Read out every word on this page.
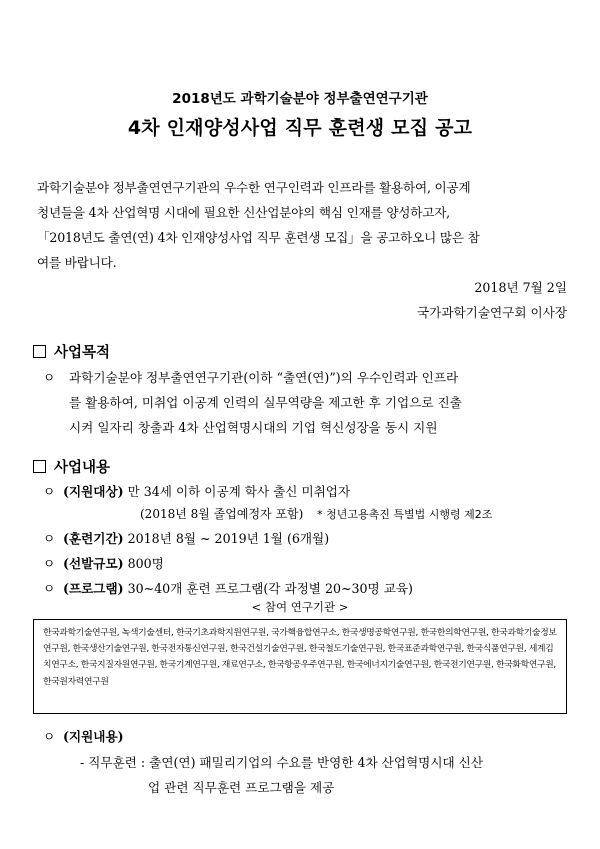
2018년도 과학기술분야 정부출연연구기관
4차 인재양성사업 직무 훈련생 모집 공고
과학기술분야 정부출연연구기관의 우수한 연구인력과 인프라를 활용하여, 이공계
청년들을 4차 산업혁명 시대에 필요한 신산업분야의 핵심 인재를 양성하고자,
「2018년도 출연(연) 4차 인재양성사업 직무 훈련생 모집」을 공고하오니 많은 참
여를 바랍니다.
2018년 7월 2일
국가과학기술연구회 이사장
사업목적
ㅇ 과학기술분야 정부출연연구기관(이하 “출연(연)”)의 우수인력과 인프라
를 활용하여, 미취업 이공계 인력의 실무역량을 제고한 후 기업으로 진출
시켜 일자리 창출과 4차 산업혁명시대의 기업 혁신성장을 동시 지원
사업내용
ㅇ (지원대상) 만 34세 이하 이공계 학사 출신 미취업자
(2018년 8월 졸업예정자 포함) * 청년고용촉진 특별법 시행령 제2조
ㅇ (훈련기간) 2018년 8월 ~ 2019년 1월 (6개월)
ㅇ (선발규모) 800명
ㅇ (프로그램) 30~40개 훈련 프로그램(각 과정별 20~30명 교육)
< 참여 연구기관 >
한국과학기술연구원, 녹색기술센터, 한국기초과학지원연구원, 국가핵융합연구소, 한국생명공학연구원, 한국한의학연구원, 한국과학기술정보연구원, 한국생산기술연구원, 한국전자통신연구원, 한국건설기술연구원, 한국철도기술연구원, 한국표준과학연구원, 한국식품연구원, 세계김치연구소, 한국지질자원연구원, 한국기계연구원, 재료연구소, 한국항공우주연구원, 한국에너지기술연구원, 한국전기연구원, 한국화학연구원, 한국원자력연구원
ㅇ (지원내용)
- 직무훈련 : 출연(연) 패밀리기업의 수요를 반영한 4차 산업혁명시대 신산
업 관련 직무훈련 프로그램을 제공
